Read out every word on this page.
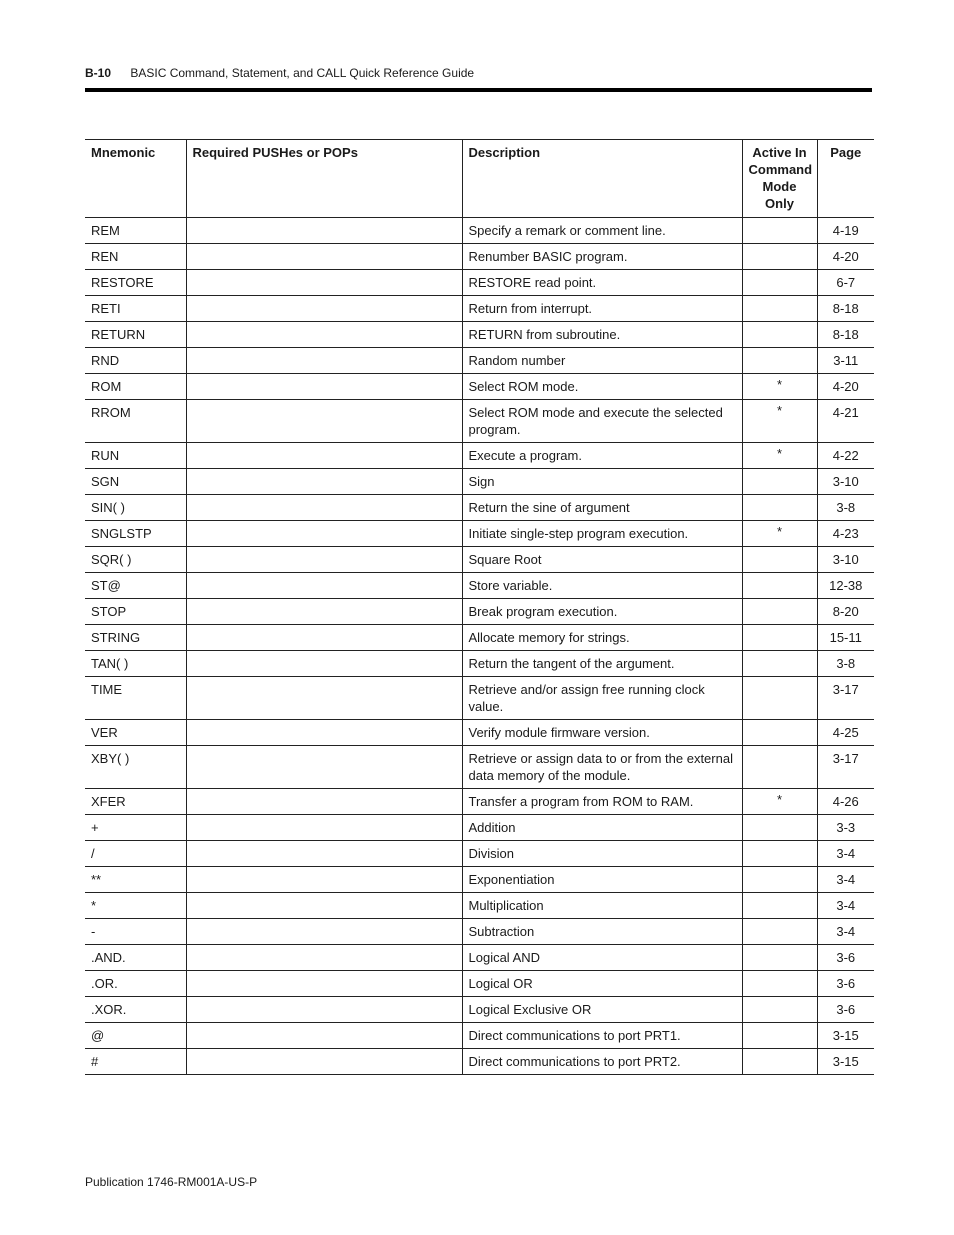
B-10 BASIC Command, Statement, and CALL Quick Reference Guide
Mnemonic	Required PUSHes or POPs	Description	Active In Command Mode Only	Page
REM		Specify a remark or comment line.		4-19
REN		Renumber BASIC program.		4-20
RESTORE		RESTORE read point.		6-7
RETI		Return from interrupt.		8-18
RETURN		RETURN from subroutine.		8-18
RND		Random number		3-11
ROM		Select ROM mode.	*	4-20
RROM		Select ROM mode and execute the selected program.	*	4-21
RUN		Execute a program.	*	4-22
SGN		Sign		3-10
SIN( )		Return the sine of argument		3-8
SNGLSTP		Initiate single-step program execution.	*	4-23
SQR( )		Square Root		3-10
ST@		Store variable.		12-38
STOP		Break program execution.		8-20
STRING		Allocate memory for strings.		15-11
TAN( )		Return the tangent of the argument.		3-8
TIME		Retrieve and/or assign free running clock value.		3-17
VER		Verify module firmware version.		4-25
XBY( )		Retrieve or assign data to or from the external data memory of the module.		3-17
XFER		Transfer a program from ROM to RAM.	*	4-26
+		Addition		3-3
/		Division		3-4
**		Exponentiation		3-4
*		Multiplication		3-4
-		Subtraction		3-4
.AND.		Logical AND		3-6
.OR.		Logical OR		3-6
.XOR.		Logical Exclusive OR		3-6
@		Direct communications to port PRT1.		3-15
#		Direct communications to port PRT2.		3-15
Publication 1746-RM001A-US-P
